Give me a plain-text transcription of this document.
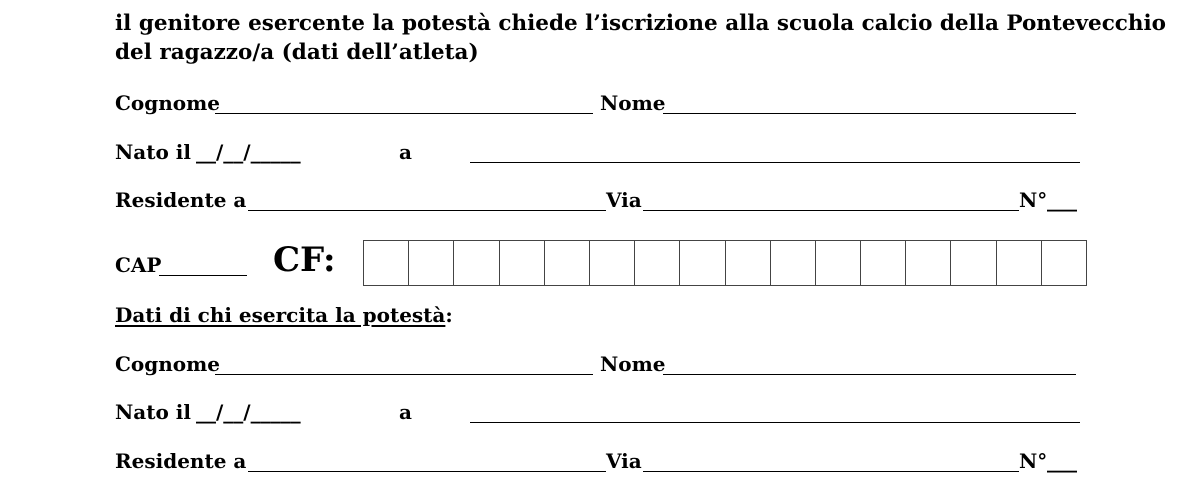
il genitore esercente la potestà chiede l’iscrizione alla scuola calcio della Pontevecchio
del ragazzo/a (dati dell’atleta)
Cognome	Nome
Nato il __/__/_____	a
Residente a	Via	N° ___
CAP	CF:
Dati di chi esercita la potestà:
Cognome	Nome
Nato il __/__/_____	a
Residente a	Via	N° ___
